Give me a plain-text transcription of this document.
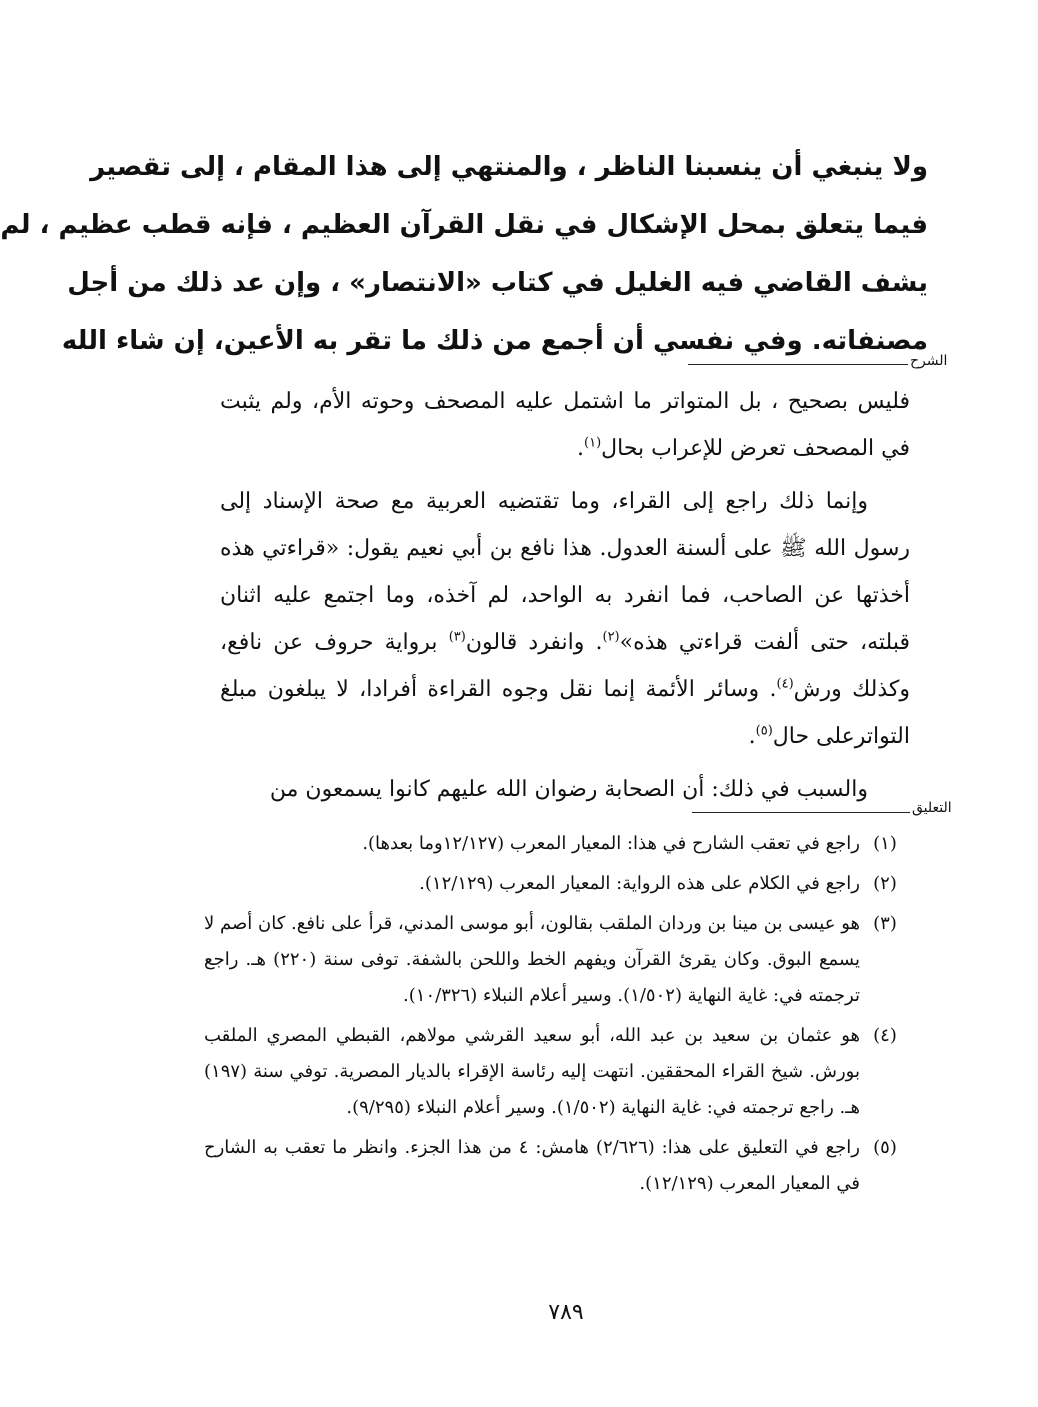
ولا ينبغي أن ينسبنا الناظر ، والمنتهي إلى هذا المقام ، إلى تقصير
فيما يتعلق بمحل الإشكال في نقل القرآن العظيم ، فإنه قطب عظيم ، لم
يشف القاضي فيه الغليل في كتاب «الانتصار» ، وإن عد ذلك من أجل
مصنفاته. وفي نفسي أن أجمع من ذلك ما تقر به الأعين، إن شاء الله
الشرح

فليس بصحيح ، بل المتواتر ما اشتمل عليه المصحف وحوته الأم، ولم يثبت في المصحف تعرض للإعراب بحال$^{(١)}$.

وإنما ذلك راجع إلى القراء، وما تقتضيه العربية مع صحة الإسناد إلى رسول الله ﷺ على ألسنة العدول. هذا نافع بن أبي نعيم يقول: «قراءتي هذه أخذتها عن الصاحب، فما انفرد به الواحد، لم آخذه، وما اجتمع عليه اثنان قبلته، حتى ألفت قراءتي هذه»$^{(٢)}$. وانفرد قالون$^{(٣)}$ برواية حروف عن نافع، وكذلك ورش$^{(٤)}$. وسائر الأئمة إنما نقل وجوه القراءة أفرادا، لا يبلغون مبلغ التواترعلى حال$^{(٥)}$.

والسبب في ذلك: أن الصحابة رضوان الله عليهم كانوا يسمعون من

التعليق
(١)
راجع في تعقب الشارح في هذا: المعيار المعرب (١٢/١٢٧وما بعدها).
(٢)
راجع في الكلام على هذه الرواية: المعيار المعرب (١٢/١٢٩).
(٣)
هو عيسى بن مينا بن وردان الملقب بقالون، أبو موسى المدني، قرأ على نافع. كان أصم لا يسمع البوق. وكان يقرئ القرآن ويفهم الخط واللحن بالشفة. توفى سنة (٢٢٠) هـ. راجع ترجمته في: غاية النهاية (١/٥٠٢). وسير أعلام النبلاء (١٠/٣٢٦).
(٤)
هو عثمان بن سعيد بن عبد الله، أبو سعيد القرشي مولاهم، القبطي المصري الملقب بورش. شيخ القراء المحققين. انتهت إليه رئاسة الإقراء بالديار المصرية. توفي سنة (١٩٧) هـ. راجع ترجمته في: غاية النهاية (١/٥٠٢). وسير أعلام النبلاء (٩/٢٩٥).
(٥)
راجع في التعليق على هذا: (٢/٦٢٦) هامش: ٤ من هذا الجزء. وانظر ما تعقب به الشارح في المعيار المعرب (١٢/١٢٩).
٧٨٩
